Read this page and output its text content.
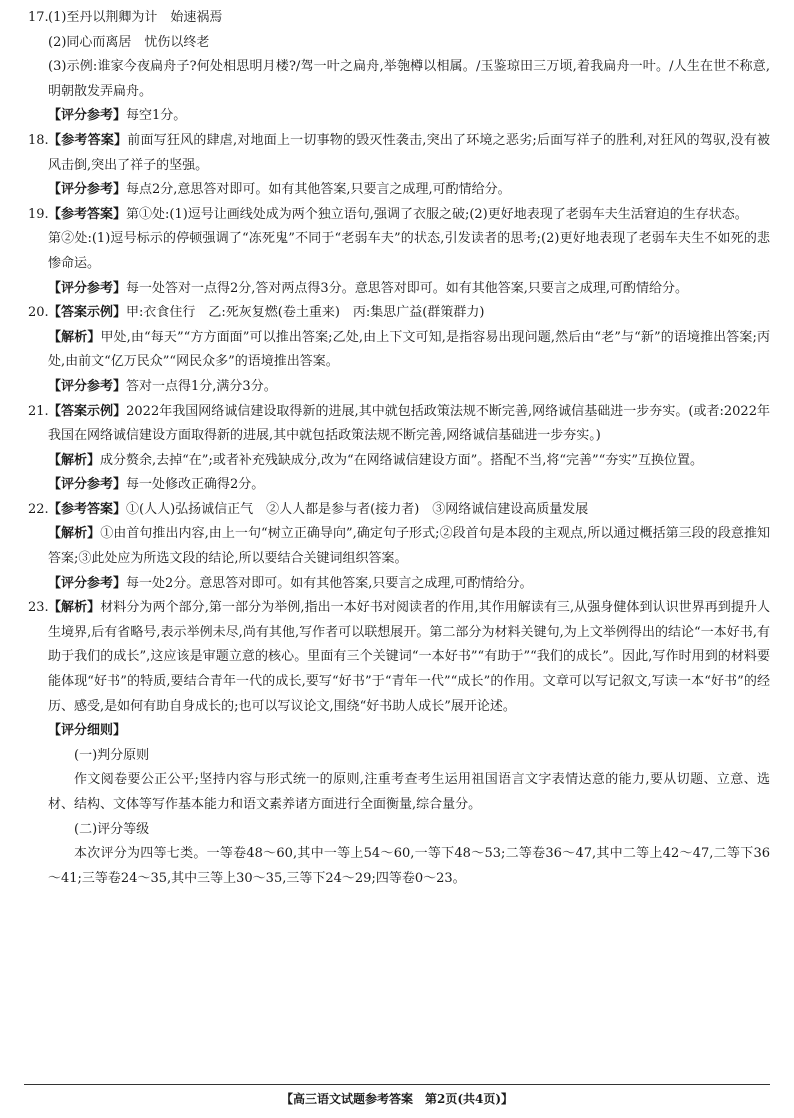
17. (1)至丹以荆卿为计　始速祸焉

(2)同心而离居　忧伤以终老

(3)示例:谁家今夜扁舟子?何处相思明月楼?/驾一叶之扁舟,举匏樽以相属。/玉鉴琼田三万顷,着我扁舟一叶。/人生在世不称意,明朝散发弄扁舟。

【评分参考】每空1分。

18. 【参考答案】前面写狂风的肆虐,对地面上一切事物的毁灭性袭击,突出了环境之恶劣;后面写祥子的胜利,对狂风的驾驭,没有被风击倒,突出了祥子的坚强。

【评分参考】每点2分,意思答对即可。如有其他答案,只要言之成理,可酌情给分。

19. 【参考答案】第①处:(1)逗号让画线处成为两个独立语句,强调了衣服之破;(2)更好地表现了老弱车夫生活窘迫的生存状态。

第②处:(1)逗号标示的停顿强调了“冻死鬼”不同于“老弱车夫”的状态,引发读者的思考;(2)更好地表现了老弱车夫生不如死的悲惨命运。

【评分参考】每一处答对一点得2分,答对两点得3分。意思答对即可。如有其他答案,只要言之成理,可酌情给分。

20. 【答案示例】甲:衣食住行　乙:死灰复燃(卷土重来)　丙:集思广益(群策群力)

【解析】甲处,由“每天”“方方面面”可以推出答案;乙处,由上下文可知,是指容易出现问题,然后由“老”与“新”的语境推出答案;丙处,由前文“亿万民众”“网民众多”的语境推出答案。

【评分参考】答对一点得1分,满分3分。

21. 【答案示例】2022年我国网络诚信建设取得新的进展,其中就包括政策法规不断完善,网络诚信基础进一步夯实。(或者:2022年我国在网络诚信建设方面取得新的进展,其中就包括政策法规不断完善,网络诚信基础进一步夯实。)

【解析】成分赘余,去掉“在”;或者补充残缺成分,改为“在网络诚信建设方面”。搭配不当,将“完善”“夯实”互换位置。

【评分参考】每一处修改正确得2分。

22. 【参考答案】①(人人)弘扬诚信正气　②人人都是参与者(接力者)　③网络诚信建设高质量发展

【解析】①由首句推出内容,由上一句“树立正确导向”,确定句子形式;②段首句是本段的主观点,所以通过概括第三段的段意推知答案;③此处应为所选文段的结论,所以要结合关键词组织答案。

【评分参考】每一处2分。意思答对即可。如有其他答案,只要言之成理,可酌情给分。

23. 【解析】材料分为两个部分,第一部分为举例,指出一本好书对阅读者的作用,其作用解读有三,从强身健体到认识世界再到提升人生境界,后有省略号,表示举例未尽,尚有其他,写作者可以联想展开。第二部分为材料关键句,为上文举例得出的结论“一本好书,有助于我们的成长”,这应该是审题立意的核心。里面有三个关键词“一本好书”“有助于”“我们的成长”。因此,写作时用到的材料要能体现“好书”的特质,要结合青年一代的成长,要写“好书”于“青年一代”“成长”的作用。文章可以写记叙文,写读一本“好书”的经历、感受,是如何有助自身成长的;也可以写议论文,围绕“好书助人成长”展开论述。

【评分细则】

(一)判分原则

作文阅卷要公正公平;坚持内容与形式统一的原则,注重考查考生运用祖国语言文字表情达意的能力,要从切题、立意、选材、结构、文体等写作基本能力和语文素养诸方面进行全面衡量,综合量分。

(二)评分等级

本次评分为四等七类。一等卷48～60,其中一等上54～60,一等下48～53;二等卷36～47,其中二等上42～47,二等下36～41;三等卷24～35,其中三等上30～35,三等下24～29;四等卷0～23。

【高三语文试题参考答案　第2页(共4页)】
